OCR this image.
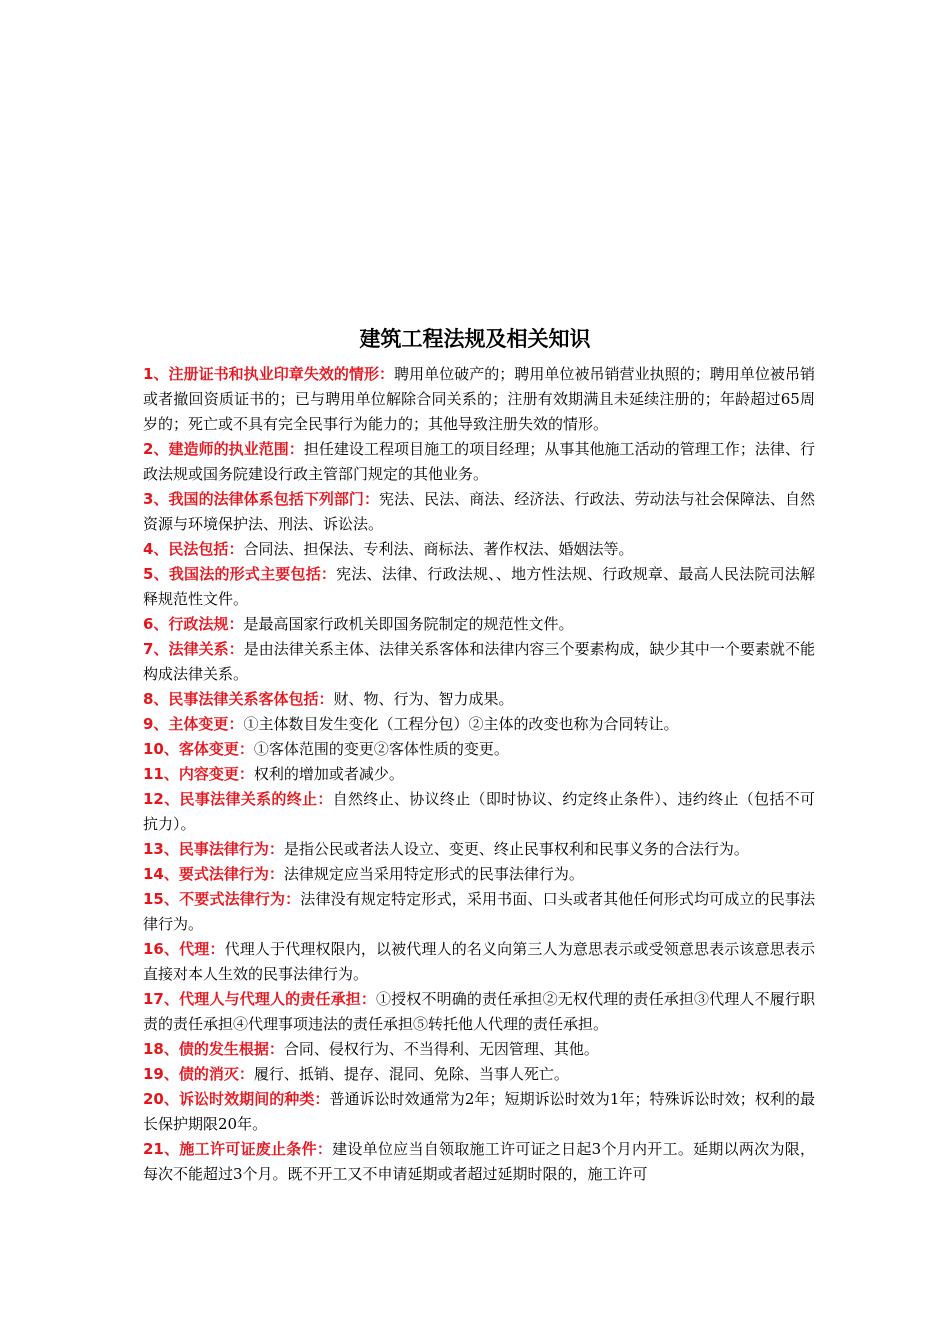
建筑工程法规及相关知识

1、注册证书和执业印章失效的情形：聘用单位破产的；聘用单位被吊销营业执照的；聘用单位被吊销或者撤回资质证书的；已与聘用单位解除合同关系的；注册有效期满且未延续注册的；年龄超过65周岁的；死亡或不具有完全民事行为能力的；其他导致注册失效的情形。

2、建造师的执业范围：担任建设工程项目施工的项目经理；从事其他施工活动的管理工作；法律、行政法规或国务院建设行政主管部门规定的其他业务。

3、我国的法律体系包括下列部门：宪法、民法、商法、经济法、行政法、劳动法与社会保障法、自然资源与环境保护法、刑法、诉讼法。

4、民法包括：合同法、担保法、专利法、商标法、著作权法、婚姻法等。

5、我国法的形式主要包括：宪法、法律、行政法规、、地方性法规、行政规章、最高人民法院司法解释规范性文件。

6、行政法规：是最高国家行政机关即国务院制定的规范性文件。

7、法律关系：是由法律关系主体、法律关系客体和法律内容三个要素构成，缺少其中一个要素就不能构成法律关系。

8、民事法律关系客体包括：财、物、行为、智力成果。

9、主体变更：①主体数目发生变化（工程分包）②主体的改变也称为合同转让。

10、客体变更：①客体范围的变更②客体性质的变更。

11、内容变更：权利的增加或者减少。

12、民事法律关系的终止：自然终止、协议终止（即时协议、约定终止条件）、违约终止（包括不可抗力）。

13、民事法律行为：是指公民或者法人设立、变更、终止民事权利和民事义务的合法行为。

14、要式法律行为：法律规定应当采用特定形式的民事法律行为。

15、不要式法律行为：法律没有规定特定形式，采用书面、口头或者其他任何形式均可成立的民事法律行为。

16、代理：代理人于代理权限内，以被代理人的名义向第三人为意思表示或受领意思表示该意思表示直接对本人生效的民事法律行为。

17、代理人与代理人的责任承担：①授权不明确的责任承担②无权代理的责任承担③代理人不履行职责的责任承担④代理事项违法的责任承担⑤转托他人代理的责任承担。

18、债的发生根据：合同、侵权行为、不当得利、无因管理、其他。

19、债的消灭：履行、抵销、提存、混同、免除、当事人死亡。

20、诉讼时效期间的种类：普通诉讼时效通常为2年；短期诉讼时效为1年；特殊诉讼时效；权利的最长保护期限20年。

21、施工许可证废止条件：建设单位应当自领取施工许可证之日起3个月内开工。延期以两次为限，每次不能超过3个月。既不开工又不申请延期或者超过延期时限的，施工许可
